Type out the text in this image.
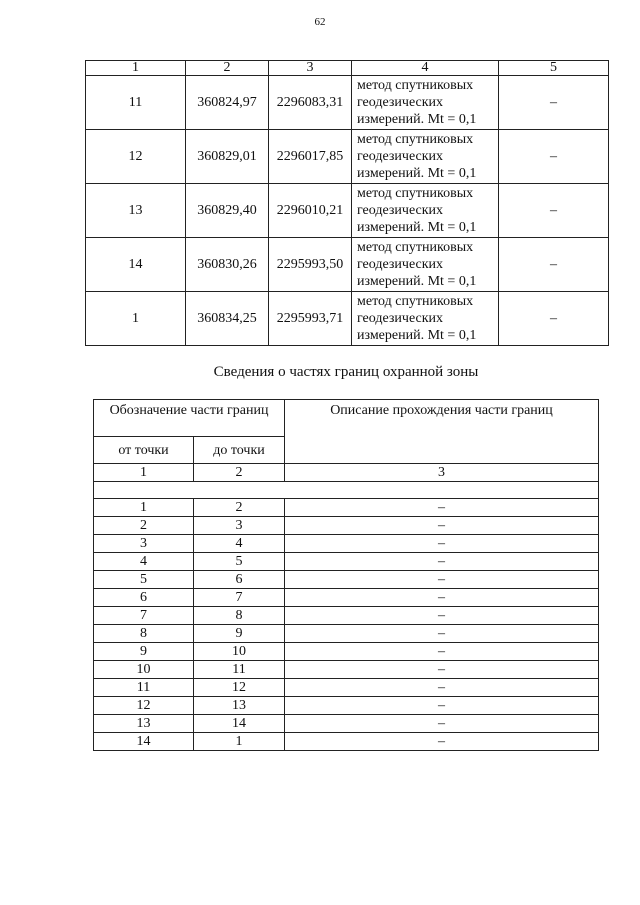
62
1	2	3	4	5
11	360824,97	2296083,31	метод спутниковых
геодезических
измерений. Mt = 0,1	–
12	360829,01	2296017,85	метод спутниковых
геодезических
измерений. Mt = 0,1	–
13	360829,40	2296010,21	метод спутниковых
геодезических
измерений. Mt = 0,1	–
14	360830,26	2295993,50	метод спутниковых
геодезических
измерений. Mt = 0,1	–
1	360834,25	2295993,71	метод спутниковых
геодезических
измерений. Mt = 0,1	–
Сведения о частях границ охранной зоны
Обозначение части границ		Описание прохождения части границ
от точки	до точки	
1	2	3

1	2	–
2	3	–
3	4	–
4	5	–
5	6	–
6	7	–
7	8	–
8	9	–
9	10	–
10	11	–
11	12	–
12	13	–
13	14	–
14	1	–
